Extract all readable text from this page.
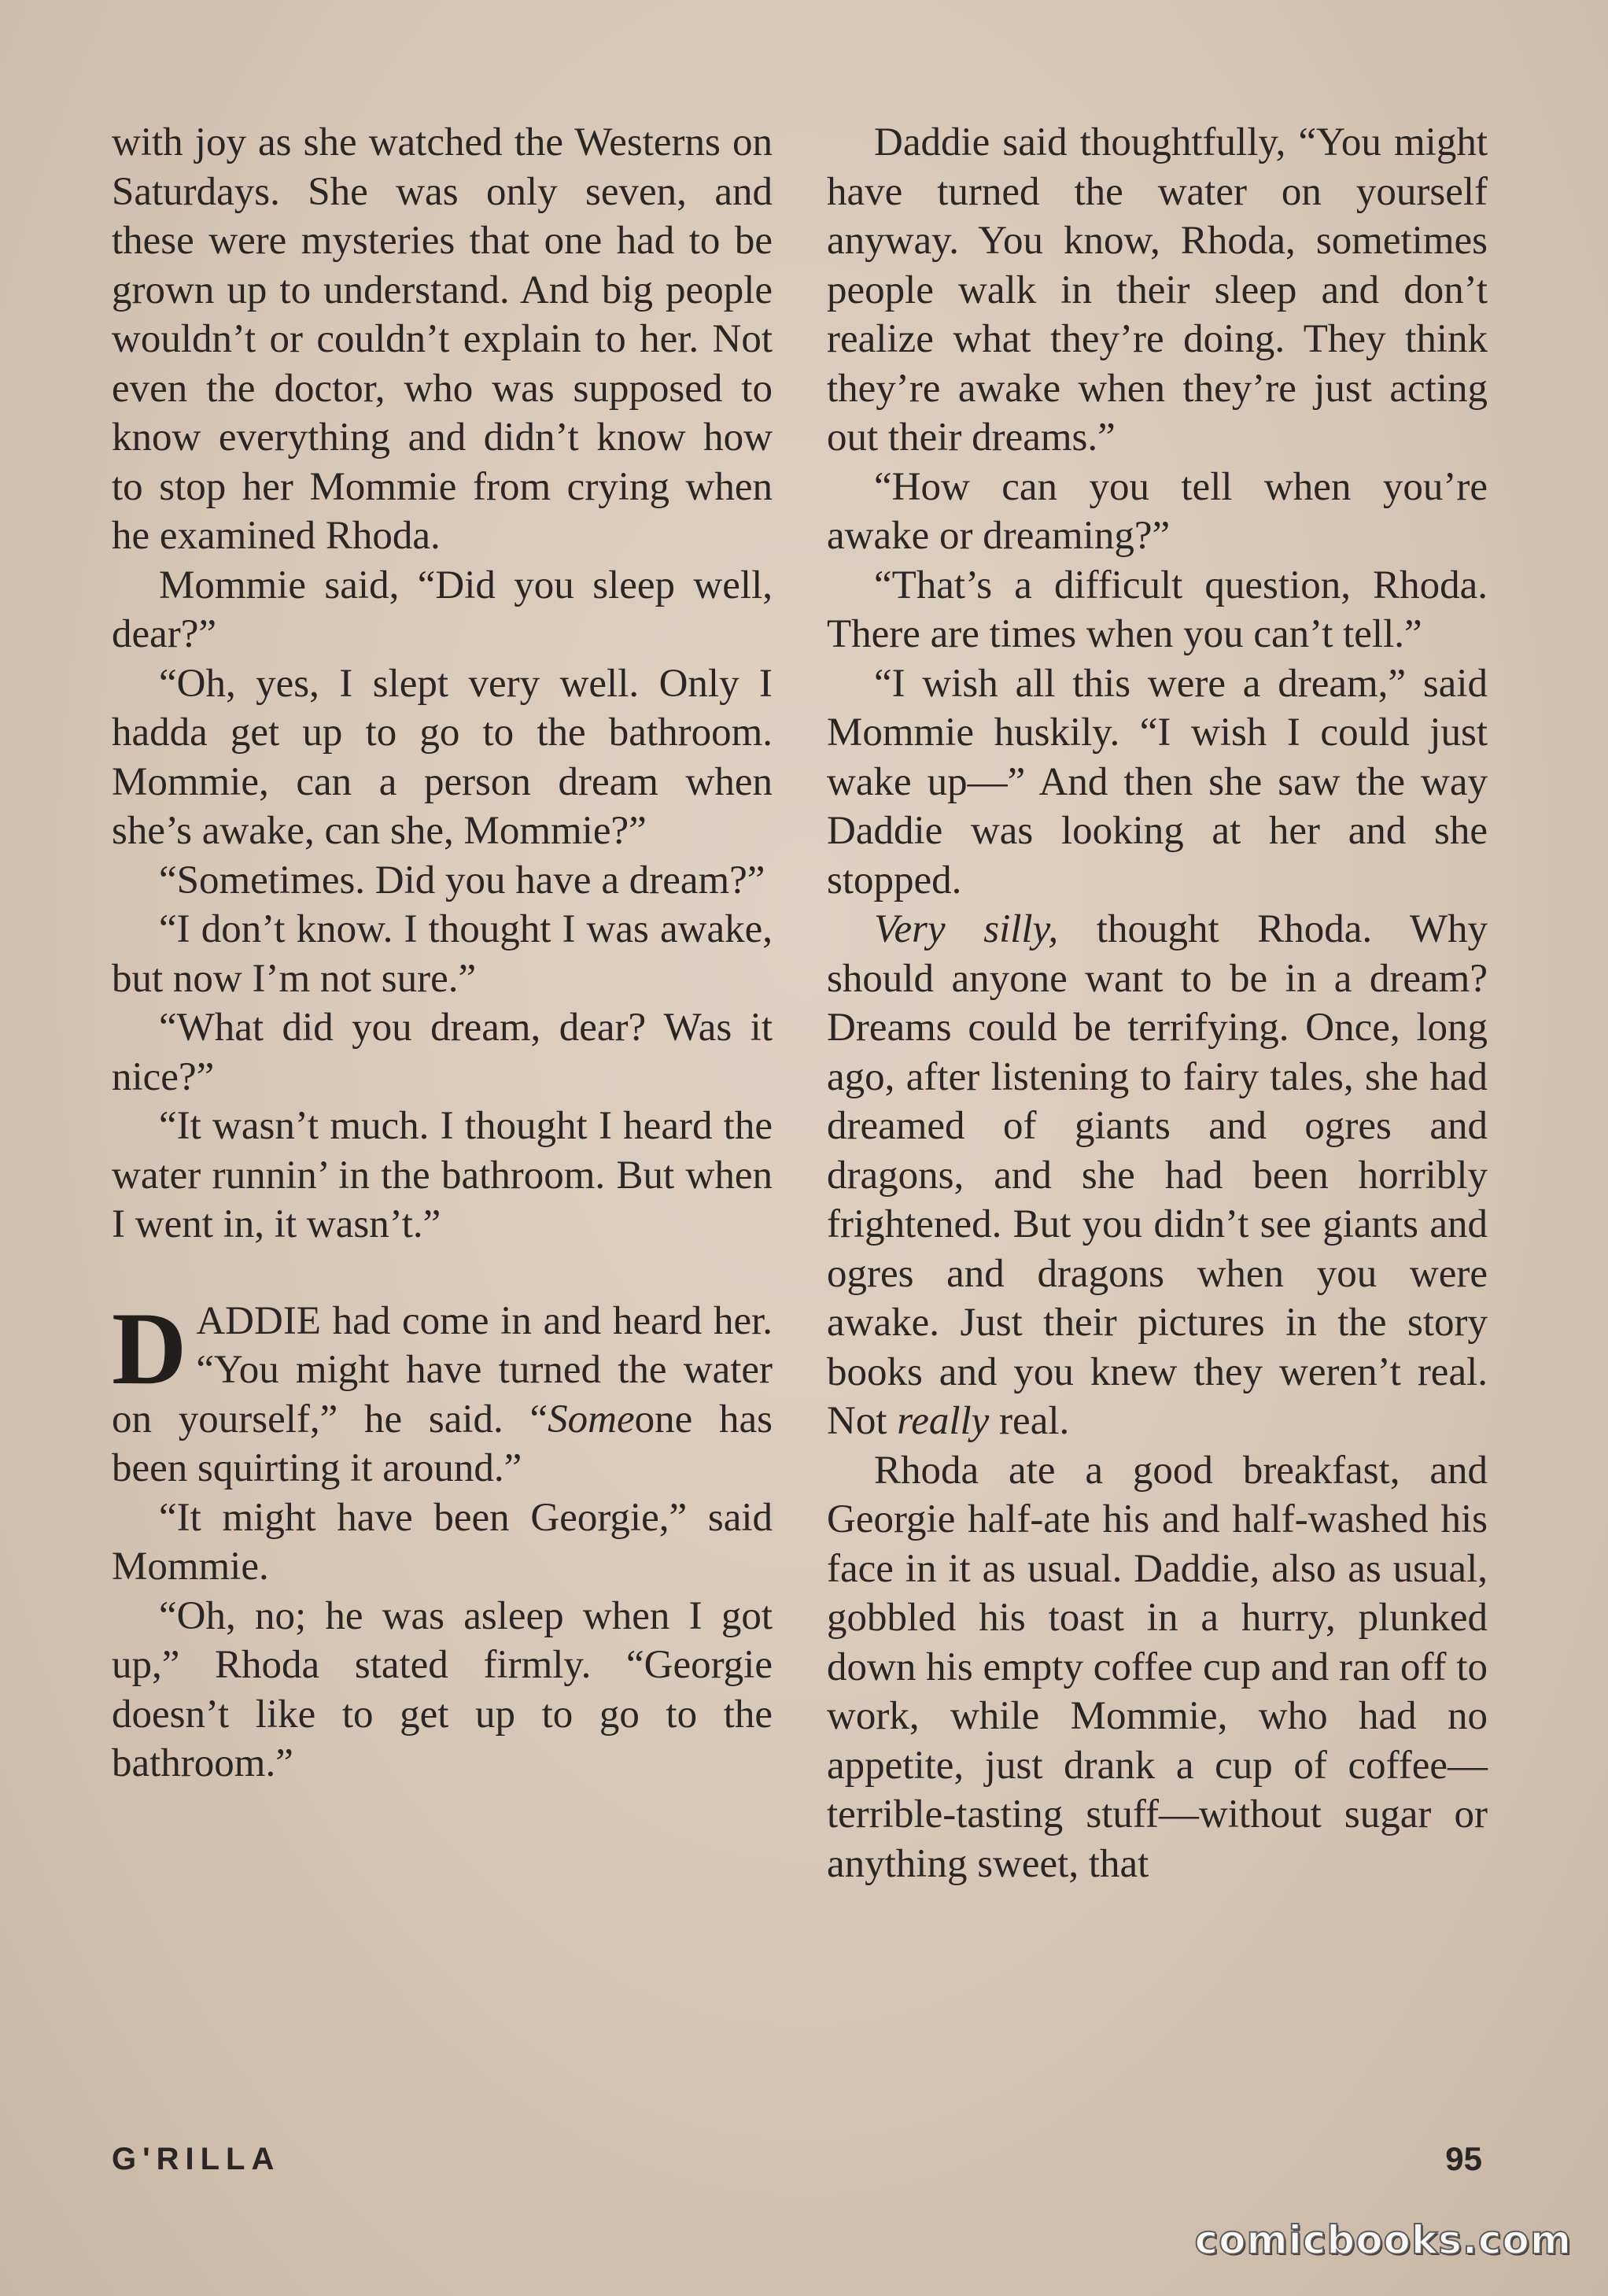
with joy as she watched the Westerns on Saturdays. She was only seven, and these were mysteries that one had to be grown up to understand. And big people wouldn’t or couldn’t explain to her. Not even the doctor, who was supposed to know everything and didn’t know how to stop her Mommie from crying when he examined Rhoda.

Mommie said, “Did you sleep well, dear?”

“Oh, yes, I slept very well. Only I hadda get up to go to the bathroom. Mommie, can a person dream when she’s awake, can she, Mommie?”

“Sometimes. Did you have a dream?”

“I don’t know. I thought I was awake, but now I’m not sure.”

“What did you dream, dear? Was it nice?”

“It wasn’t much. I thought I heard the water runnin’ in the bathroom. But when I went in, it wasn’t.”

DADDIE had come in and heard her. “You might have turned the water on yourself,” he said. “Someone has been squirting it around.”

“It might have been Georgie,” said Mommie.

“Oh, no; he was asleep when I got up,” Rhoda stated firmly. “Georgie doesn’t like to get up to go to the bathroom.”

Daddie said thoughtfully, “You might have turned the water on yourself anyway. You know, Rhoda, sometimes people walk in their sleep and don’t realize what they’re doing. They think they’re awake when they’re just acting out their dreams.”

“How can you tell when you’re awake or dreaming?”

“That’s a difficult question, Rhoda. There are times when you can’t tell.”

“I wish all this were a dream,” said Mommie huskily. “I wish I could just wake up—” And then she saw the way Daddie was looking at her and she stopped.

Very silly, thought Rhoda. Why should anyone want to be in a dream? Dreams could be terrifying. Once, long ago, after listening to fairy tales, she had dreamed of giants and ogres and dragons, and she had been horribly frightened. But you didn’t see giants and ogres and dragons when you were awake. Just their pictures in the story books and you knew they weren’t real. Not really real.

Rhoda ate a good breakfast, and Georgie half-ate his and half-washed his face in it as usual. Daddie, also as usual, gobbled his toast in a hurry, plunked down his empty coffee cup and ran off to work, while Mommie, who had no appetite, just drank a cup of coffee—terrible-tasting stuff—without sugar or anything sweet, that

G'RILLA	95
comicbooks.com
